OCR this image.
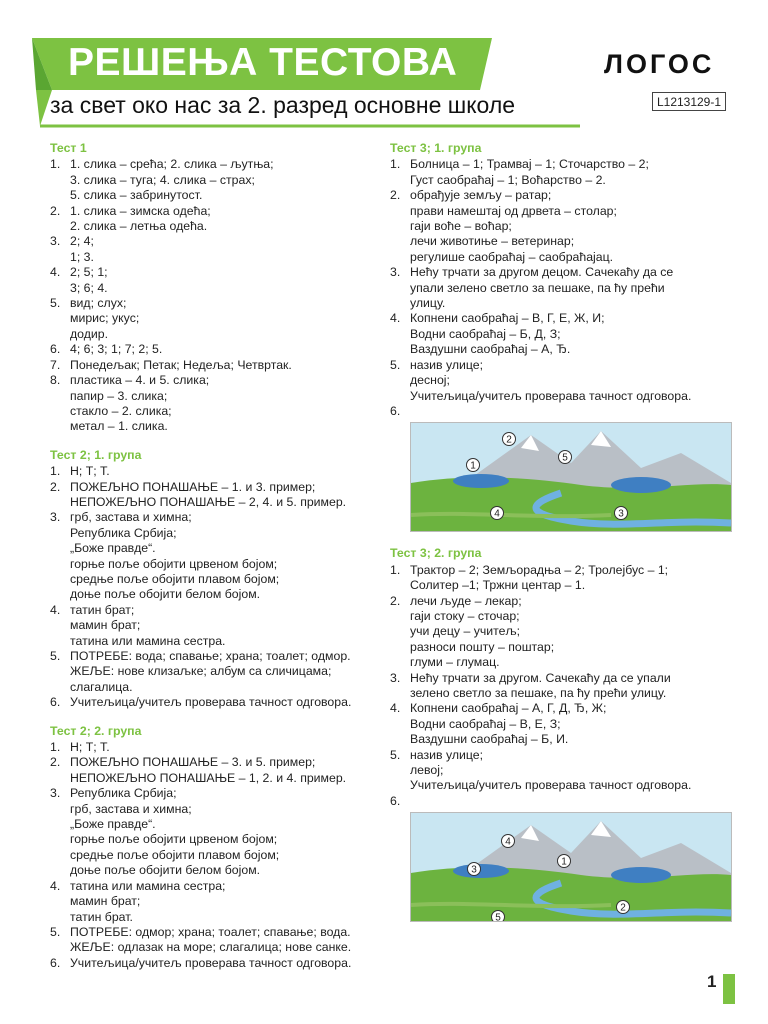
РЕШЕЊА ТЕСТОВА
за свет око нас за 2. разред основне школе
ЛОГОС
L1213129-1
Тест 1
1. 1. слика – срећа; 2. слика – љутња;
3. слика – туга; 4. слика – страх;
5. слика – забринутост.
2. 1. слика – зимска одећа;
2. слика – летња одећа.
3. 2; 4;
1; 3.
4. 2; 5; 1;
3; 6; 4.
5. вид; слух;
мирис; укус;
додир.
6. 4; 6; 3; 1; 7; 2; 5.
7. Понедељак; Петак; Недеља; Четвртак.
8. пластика – 4. и 5. слика;
папир – 3. слика;
стакло – 2. слика;
метал – 1. слика.
Тест 2; 1. група
1. Н; Т; Т.
2. ПОЖЕЉНО ПОНАШАЊЕ – 1. и 3. пример;
НЕПОЖЕЉНО ПОНАШАЊЕ – 2, 4. и 5. пример.
3. грб, застава и химна;
Република Србија;
„Боже правде“.
горње поље обојити црвеном бојом;
средње поље обојити плавом бојом;
доње поље обојити белом бојом.
4. татин брат;
мамин брат;
татина или мамина сестра.
5. ПОТРЕБЕ: вода; спавање; храна; тоалет; одмор.
ЖЕЉЕ: нове клизаљке; албум са сличицама;
слагалица.
6. Учитељица/учитељ проверава тачност одговора.
Тест 2; 2. група
1. Н; Т; Т.
2. ПОЖЕЉНО ПОНАШАЊЕ – 3. и 5. пример;
НЕПОЖЕЉНО ПОНАШАЊЕ – 1, 2. и 4. пример.
3. Република Србија;
грб, застава и химна;
„Боже правде“.
горње поље обојити црвеном бојом;
средње поље обојити плавом бојом;
доње поље обојити белом бојом.
4. татина или мамина сестра;
мамин брат;
татин брат.
5. ПОТРЕБЕ: одмор; храна; тоалет; спавање; вода.
ЖЕЉЕ: одлазак на море; слагалица; нове санке.
6. Учитељица/учитељ проверава тачност одговора.
Тест 3; 1. група
1. Болница – 1; Трамвај – 1; Сточарство – 2;
Густ саобраћај – 1; Воћарство – 2.
2. обрађује земљу – ратар;
прави намештај од дрвета – столар;
гаји воће – воћар;
лечи животиње – ветеринар;
регулише саобраћај – саобраћајац.
3. Нећу трчати за другом децом. Сачекаћу да се
упали зелено светло за пешаке, па ћу прећи
улицу.
4. Копнени саобраћај – В, Г, Е, Ж, И;
Водни саобраћај – Б, Д, З;
Ваздушни саобраћај – А, Ђ.
5. назив улице;
десној;
Учитељица/учитељ проверава тачност одговора.
6.
1
2
3
4
5
Тест 3; 2. група
1. Трактор – 2; Земљорадња – 2; Тролејбус – 1;
Солитер –1; Тржни центар – 1.
2. лечи људе – лекар;
гаји стоку – сточар;
учи децу – учитељ;
разноси пошту – поштар;
глуми – глумац.
3. Нећу трчати за другом. Сачекаћу да се упали
зелено светло за пешаке, па ћу прећи улицу.
4. Копнени саобраћај – А, Г, Д, Ђ, Ж;
Водни саобраћај – В, Е, З;
Ваздушни саобраћај – Б, И.
5. назив улице;
левој;
Учитељица/учитељ проверава тачност одговора.
6.
1
2
3
4
5
1
